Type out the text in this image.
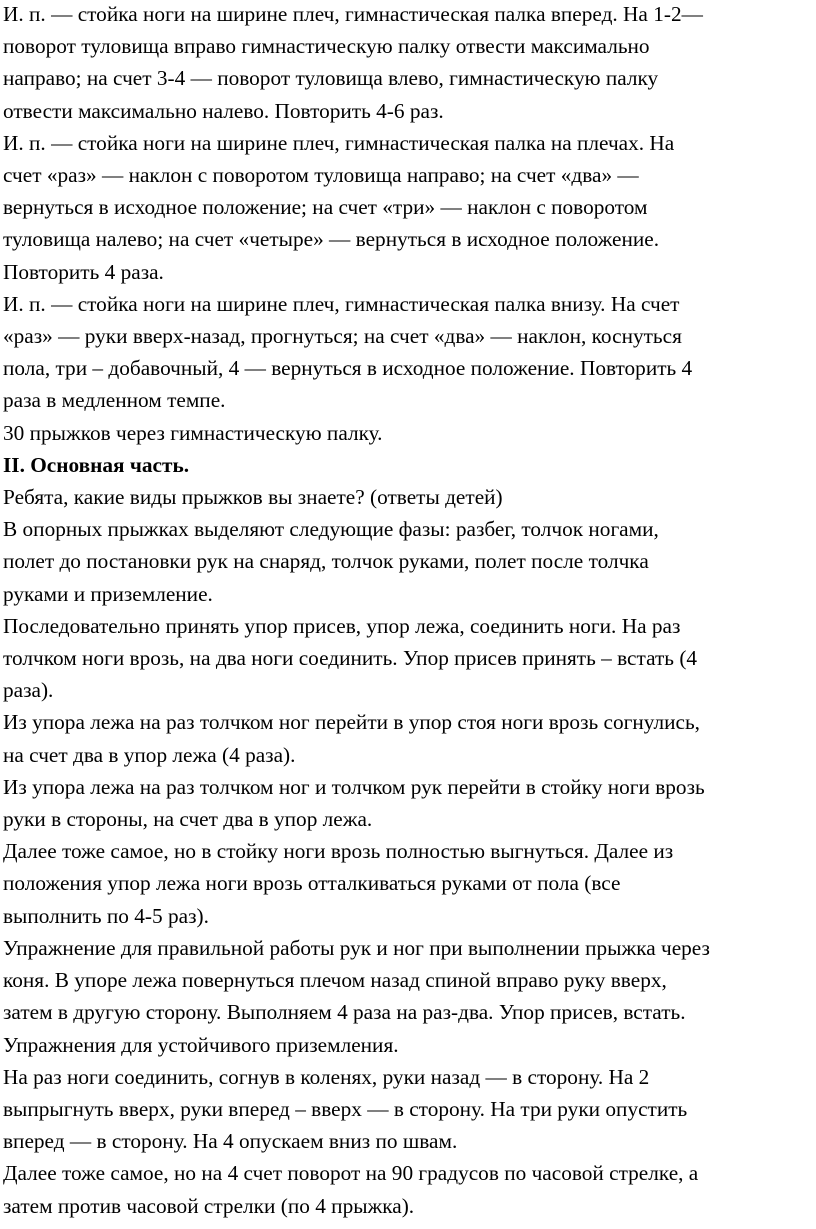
И. п. — стойка ноги на ширине плеч, гимнастическая палка вперед. На 1-2—
поворот туловища вправо гимнастическую палку отвести максимально
направо; на счет 3-4 — поворот туловища влево, гимнастическую палку
отвести максимально налево. Повторить 4-6 раз.
И. п. — стойка ноги на ширине плеч, гимнастическая палка на плечах. На
счет «раз» — наклон с поворотом туловища направо; на счет «два» —
вернуться в исходное положение; на счет «три» — наклон с поворотом
туловища налево; на счет «четыре» — вернуться в исходное положение.
Повторить 4 раза.
И. п. — стойка ноги на ширине плеч, гимнастическая палка внизу. На счет
«раз» — руки вверх-назад, прогнуться; на счет «два» — наклон, коснуться
пола, три – добавочный, 4 — вернуться в исходное положение. Повторить 4
раза в медленном темпе.
30 прыжков через гимнастическую палку.
II. Основная часть.
Ребята, какие виды прыжков вы знаете? (ответы детей)
В опорных прыжках выделяют следующие фазы: разбег, толчок ногами,
полет до постановки рук на снаряд, толчок руками, полет после толчка
руками и приземление.
Последовательно принять упор присев, упор лежа, соединить ноги. На раз
толчком ноги врозь, на два ноги соединить. Упор присев принять – встать (4
раза).
Из упора лежа на раз толчком ног перейти в упор стоя ноги врозь согнулись,
на счет два в упор лежа (4 раза).
Из упора лежа на раз толчком ног и толчком рук перейти в стойку ноги врозь
руки в стороны, на счет два в упор лежа.
Далее тоже самое, но в стойку ноги врозь полностью выгнуться. Далее из
положения упор лежа ноги врозь отталкиваться руками от пола (все
выполнить по 4-5 раз).
Упражнение для правильной работы рук и ног при выполнении прыжка через
коня. В упоре лежа повернуться плечом назад спиной вправо руку вверх,
затем в другую сторону. Выполняем 4 раза на раз-два. Упор присев, встать.
Упражнения для устойчивого приземления.
На раз ноги соединить, согнув в коленях, руки назад — в сторону. На 2
выпрыгнуть вверх, руки вперед – вверх — в сторону. На три руки опустить
вперед — в сторону. На 4 опускаем вниз по швам.
Далее тоже самое, но на 4 счет поворот на 90 градусов по часовой стрелке, а
затем против часовой стрелки (по 4 прыжка).
